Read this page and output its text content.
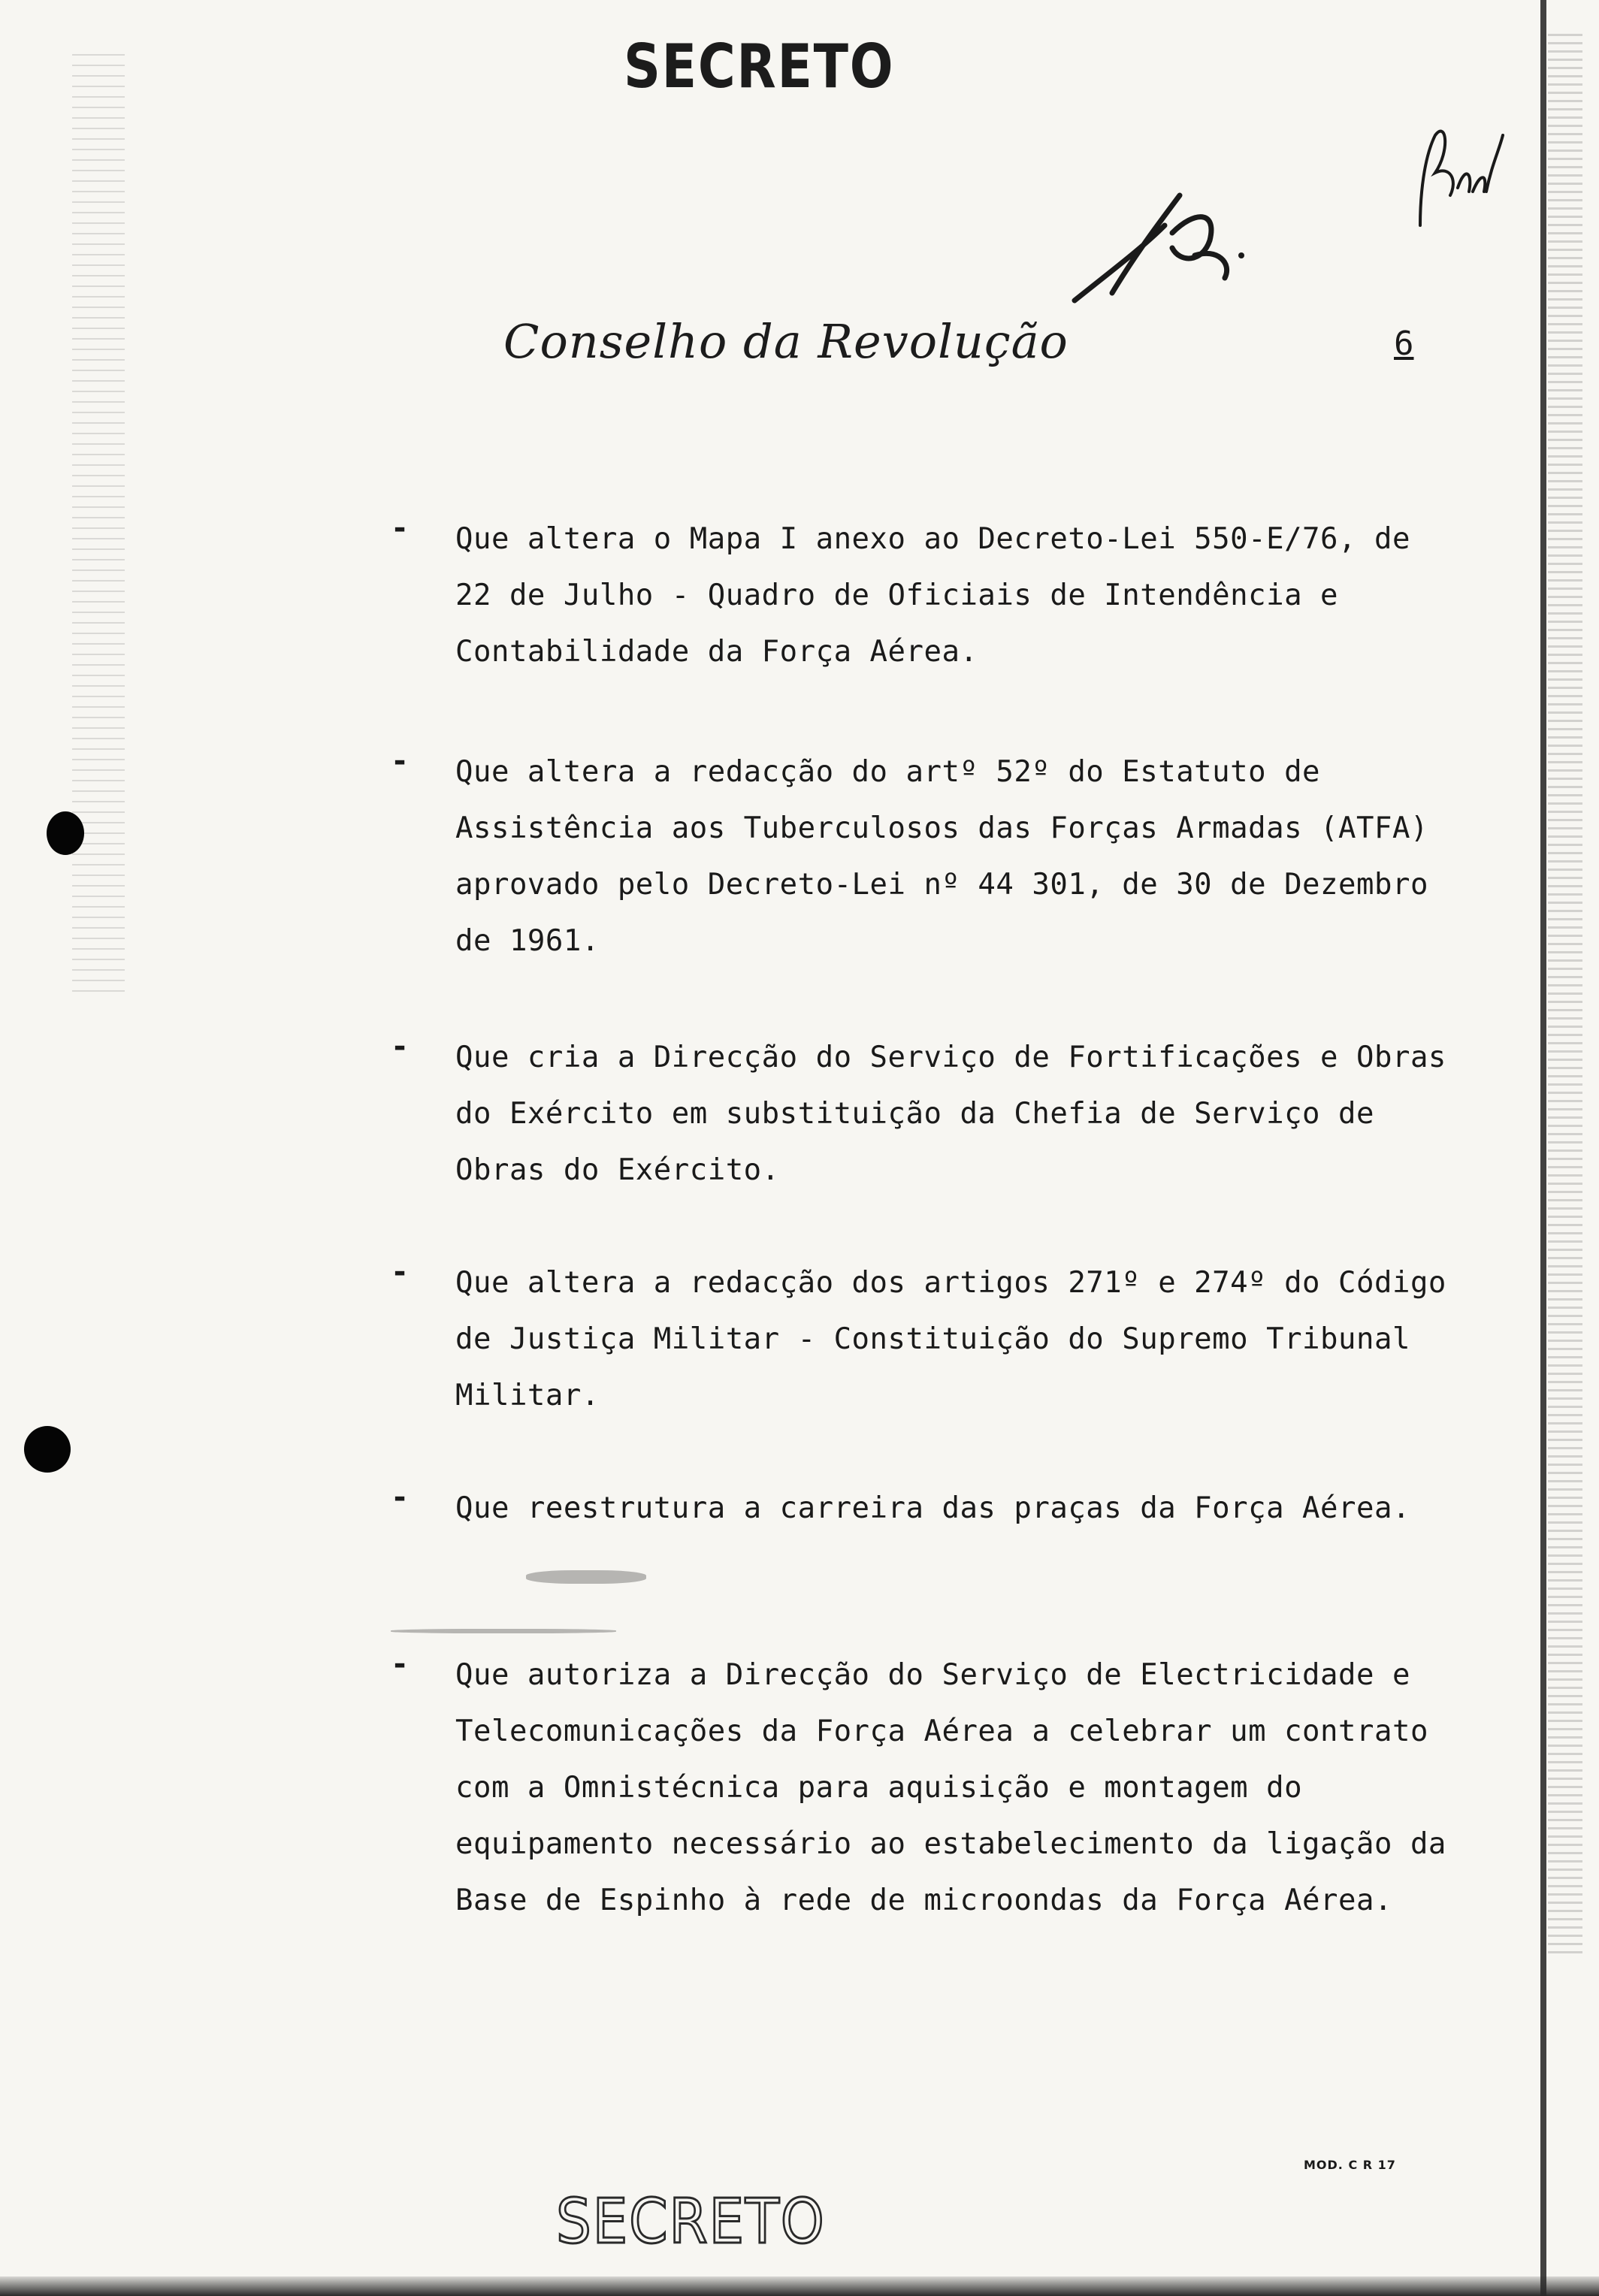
SECRETO
Conselho da Revolução	6
- Que altera o Mapa I anexo ao Decreto-Lei 550-E/76, de 22 de Julho - Quadro de Oficiais de Intendência e Contabilidade da Força Aérea.
- Que altera a redacção do artº 52º do Estatuto de Assistência aos Tuberculosos das Forças Armadas (ATFA) aprovado pelo Decreto-Lei nº 44 301, de 30 de Dezembro de 1961.
- Que cria a Direcção do Serviço de Fortificações e Obras do Exército em substituição da Chefia de Serviço de Obras do Exército.
- Que altera a redacção dos artigos 271º e 274º do Código de Justiça Militar - Constituição do Supremo Tribunal Militar.
- Que reestrutura a carreira das praças da Força Aérea.
- Que autoriza a Direcção do Serviço de Electricidade e Telecomunicações da Força Aérea a celebrar um contrato com a Omnistécnica para aquisição e montagem do equipamento necessário ao estabelecimento da ligação da Base de Espinho à rede de microondas da Força Aérea.
MOD. C R 17
SECRETO
